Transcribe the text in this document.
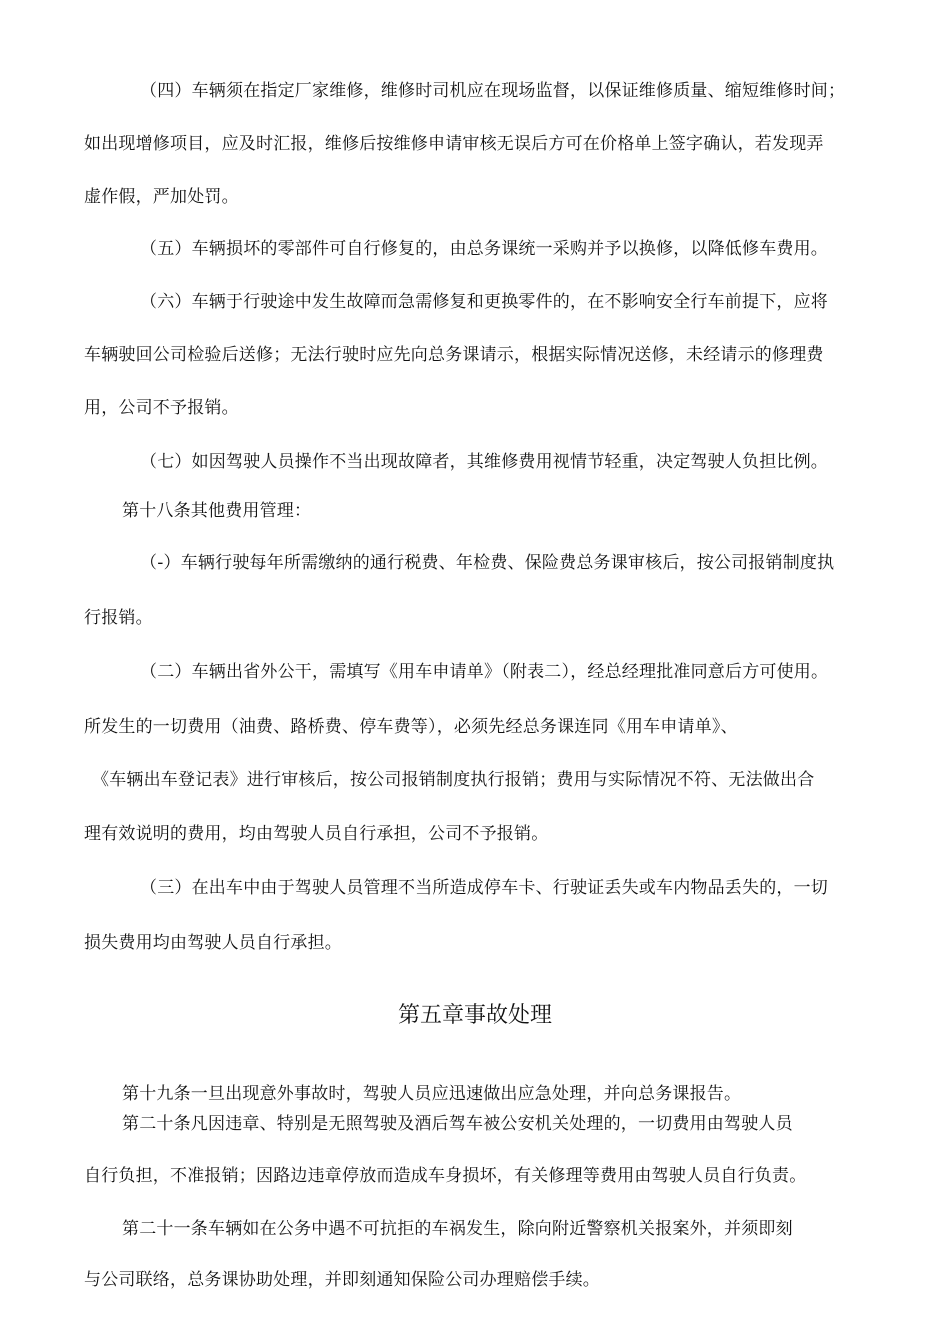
（四）车辆须在指定厂家维修，维修时司机应在现场监督，以保证维修质量、缩短维修时间；
如出现增修项目，应及时汇报，维修后按维修申请审核无误后方可在价格单上签字确认，若发现弄
虚作假，严加处罚。
（五）车辆损坏的零部件可自行修复的，由总务课统一采购并予以换修，以降低修车费用。
（六）车辆于行驶途中发生故障而急需修复和更换零件的，在不影响安全行车前提下，应将
车辆驶回公司检验后送修；无法行驶时应先向总务课请示，根据实际情况送修，未经请示的修理费
用，公司不予报销。
（七）如因驾驶人员操作不当出现故障者，其维修费用视情节轻重，决定驾驶人负担比例。
第十八条其他费用管理：
（-）车辆行驶每年所需缴纳的通行税费、年检费、保险费总务课审核后，按公司报销制度执
行报销。
（二）车辆出省外公干，需填写《用车申请单》（附表二），经总经理批准同意后方可使用。
所发生的一切费用（油费、路桥费、停车费等），必须先经总务课连同《用车申请单》、
《车辆出车登记表》进行审核后，按公司报销制度执行报销；费用与实际情况不符、无法做出合
理有效说明的费用，均由驾驶人员自行承担，公司不予报销。
（三）在出车中由于驾驶人员管理不当所造成停车卡、行驶证丢失或车内物品丢失的，一切
损失费用均由驾驶人员自行承担。
第五章事故处理
第十九条一旦出现意外事故时，驾驶人员应迅速做出应急处理，并向总务课报告。
第二十条凡因违章、特别是无照驾驶及酒后驾车被公安机关处理的，一切费用由驾驶人员
自行负担，不准报销；因路边违章停放而造成车身损坏，有关修理等费用由驾驶人员自行负责。
第二十一条车辆如在公务中遇不可抗拒的车祸发生，除向附近警察机关报案外，并须即刻
与公司联络，总务课协助处理，并即刻通知保险公司办理赔偿手续。
